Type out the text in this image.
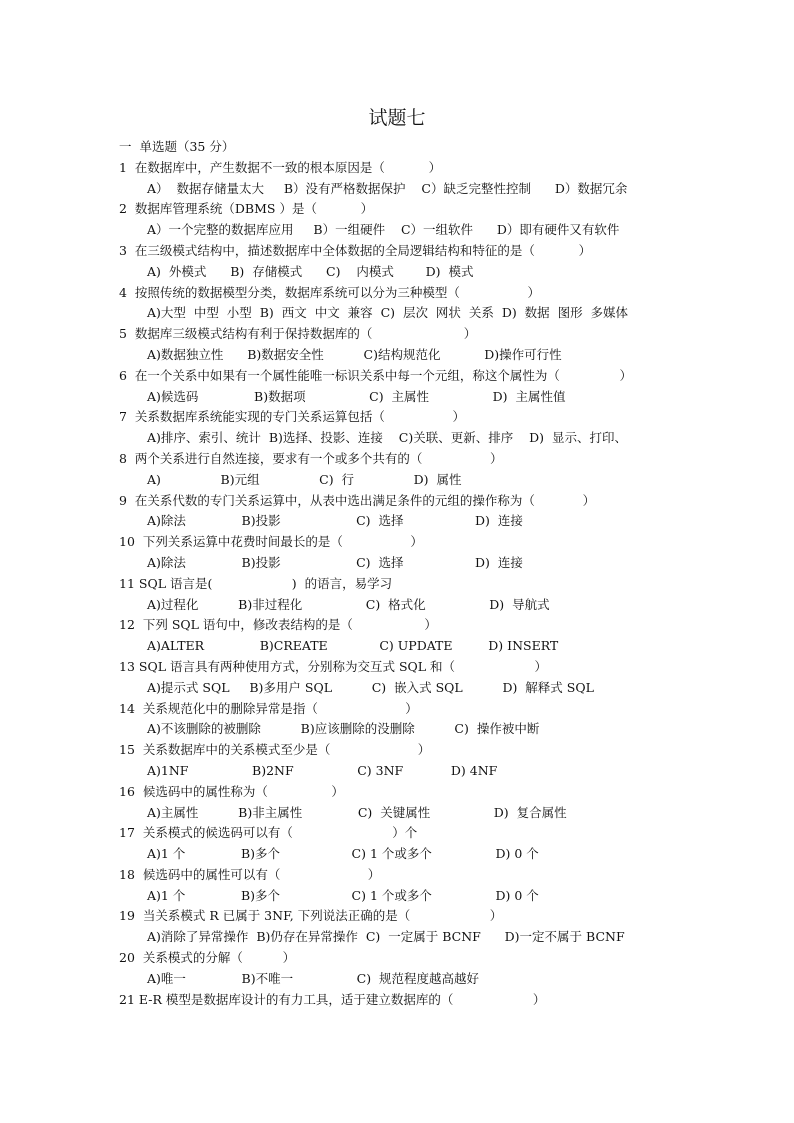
试题七
一  单选题（35 分）
1  在数据库中，产生数据不一致的根本原因是（           ）
A）  数据存储量太大     B）没有严格数据保护    C）缺乏完整性控制      D）数据冗余
2  数据库管理系统（DBMS ）是（           ）
A）一个完整的数据库应用     B）一组硬件    C）一组软件      D）即有硬件又有软件
3  在三级模式结构中，描述数据库中全体数据的全局逻辑结构和特征的是（           ）
A)  外模式      B)  存储模式      C)    内模式        D)  模式
4  按照传统的数据模型分类，数据库系统可以分为三种模型（                 ）
A)大型  中型  小型  B)  西文  中文  兼容  C)  层次  网状  关系  D)  数据  图形  多媒体
5  数据库三级模式结构有利于保持数据库的（                       ）
A)数据独立性      B)数据安全性          C)结构规范化           D)操作可行性
6  在一个关系中如果有一个属性能唯一标识关系中每一个元组，称这个属性为（               ）
A)候选码              B)数据项                C)  主属性                D)  主属性值
7  关系数据库系统能实现的专门关系运算包括（                 ）
A)排序、索引、统计  B)选择、投影、连接    C)关联、更新、排序    D)  显示、打印、
8  两个关系进行自然连接，要求有一个或多个共有的（                 ）
A)               B)元组               C)  行               D)  属性
9  在关系代数的专门关系运算中，从表中选出满足条件的元组的操作称为（            ）
A)除法              B)投影                   C)  选择                  D)  连接
10  下列关系运算中花费时间最长的是（                 ）
A)除法              B)投影                   C)  选择                  D)  连接
11 SQL 语言是(                    )  的语言，易学习
A)过程化          B)非过程化                C)  格式化                D)  导航式
12  下列 SQL 语句中，修改表结构的是（                  ）
A)ALTER              B)CREATE             C) UPDATE         D) INSERT
13 SQL 语言具有两种使用方式，分别称为交互式 SQL 和（                    ）
A)提示式 SQL     B)多用户 SQL          C)  嵌入式 SQL          D)  解释式 SQL
14  关系规范化中的删除异常是指（                      ）
A)不该删除的被删除          B)应该删除的没删除          C)  操作被中断
15  关系数据库中的关系模式至少是（                      ）
A)1NF                B)2NF                C) 3NF            D) 4NF
16  候选码中的属性称为（                ）
A)主属性          B)非主属性              C)  关键属性                D)  复合属性
17  关系模式的候选码可以有（                         ）个
A)1 个              B)多个                  C) 1 个或多个                D) 0 个
18  候选码中的属性可以有（                      ）
A)1 个              B)多个                  C) 1 个或多个                D) 0 个
19  当关系模式 R 已属于 3NF, 下列说法正确的是（                    ）
A)消除了异常操作  B)仍存在异常操作  C)  一定属于 BCNF      D)一定不属于 BCNF
20  关系模式的分解（          ）
A)唯一              B)不唯一                C)  规范程度越高越好
21 E-R 模型是数据库设计的有力工具，适于建立数据库的（                    ）
